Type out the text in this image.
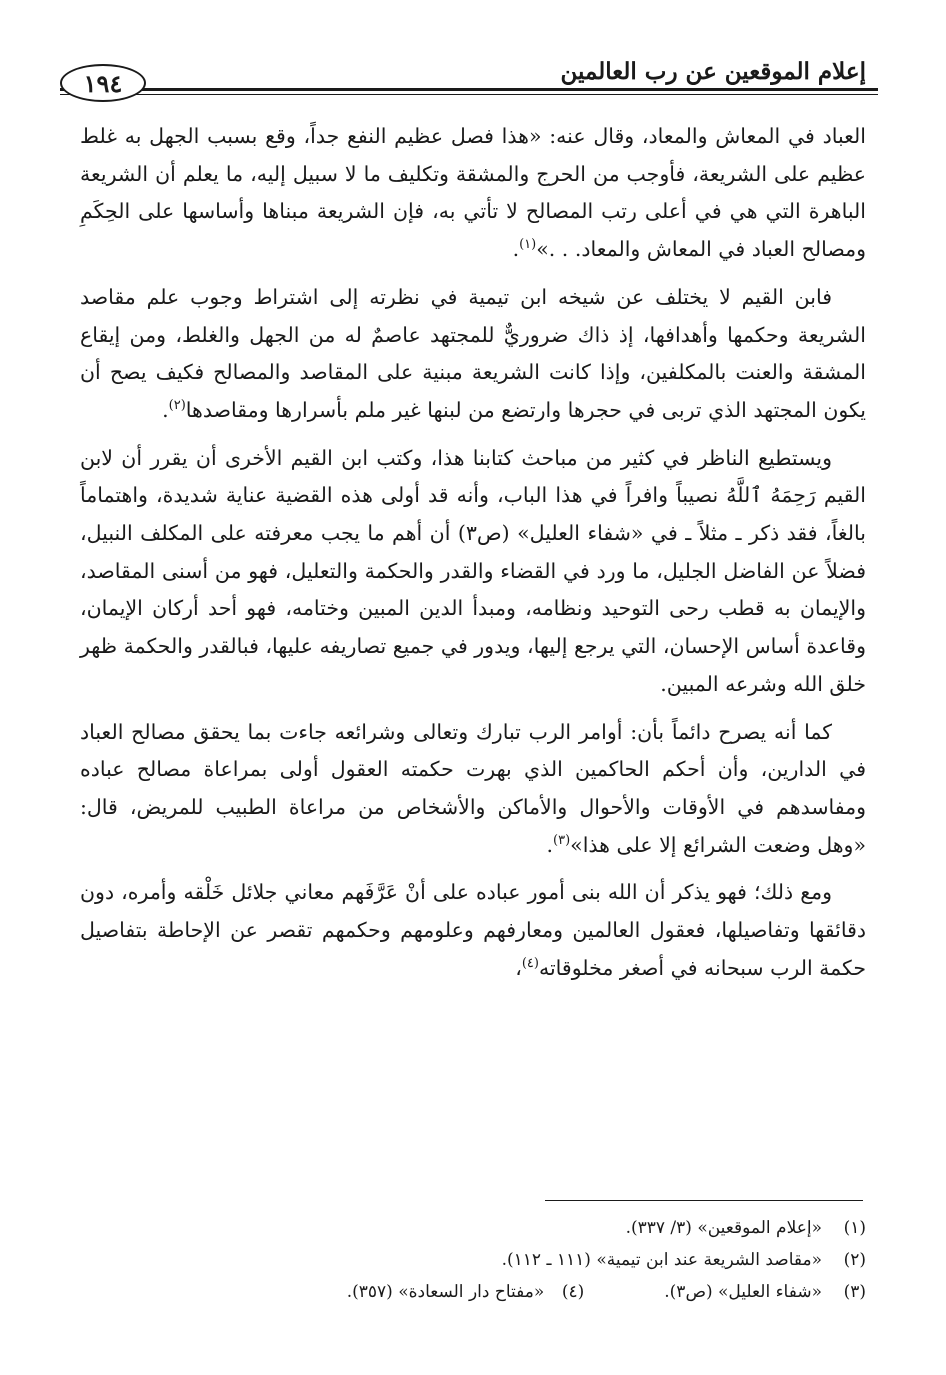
إعلام الموقعين عن رب العالمين
١٩٤

العباد في المعاش والمعاد، وقال عنه: «هذا فصل عظيم النفع جداً، وقع بسبب الجهل به غلط عظيم على الشريعة، فأوجب من الحرج والمشقة وتكليف ما لا سبيل إليه، ما يعلم أن الشريعة الباهرة التي هي في أعلى رتب المصالح لا تأتي به، فإن الشريعة مبناها وأساسها على الحِكَمِ ومصالح العباد في المعاش والمعاد. . .»$^{(١)}$.

فابن القيم لا يختلف عن شيخه ابن تيمية في نظرته إلى اشتراط وجوب علم مقاصد الشريعة وحكمها وأهدافها، إذ ذاك ضروريٌّ للمجتهد عاصمٌ له من الجهل والغلط، ومن إيقاع المشقة والعنت بالمكلفين، وإذا كانت الشريعة مبنية على المقاصد والمصالح فكيف يصح أن يكون المجتهد الذي تربى في حجرها وارتضع من لبنها غير ملم بأسرارها ومقاصدها$^{(٢)}$.

ويستطيع الناظر في كثير من مباحث كتابنا هذا، وكتب ابن القيم الأخرى أن يقرر أن لابن القيم رَحِمَهُ ٱللَّهُ نصيباً وافراً في هذا الباب، وأنه قد أولى هذه القضية عناية شديدة، واهتماماً بالغاً، فقد ذكر ـ مثلاً ـ في «شفاء العليل» (ص٣) أن أهم ما يجب معرفته على المكلف النبيل، فضلاً عن الفاضل الجليل، ما ورد في القضاء والقدر والحكمة والتعليل، فهو من أسنى المقاصد، والإيمان به قطب رحى التوحيد ونظامه، ومبدأ الدين المبين وختامه، فهو أحد أركان الإيمان، وقاعدة أساس الإحسان، التي يرجع إليها، ويدور في جميع تصاريفه عليها، فبالقدر والحكمة ظهر خلق الله وشرعه المبين.

كما أنه يصرح دائماً بأن: أوامر الرب تبارك وتعالى وشرائعه جاءت بما يحقق مصالح العباد في الدارين، وأن أحكم الحاكمين الذي بهرت حكمته العقول أولى بمراعاة مصالح عباده ومفاسدهم في الأوقات والأحوال والأماكن والأشخاص من مراعاة الطبيب للمريض، قال: «وهل وضعت الشرائع إلا على هذا»$^{(٣)}$.

ومع ذلك؛ فهو يذكر أن الله بنى أمور عباده على أنْ عَرَّفَهم معاني جلائل خَلْقه وأمره، دون دقائقها وتفاصيلها، فعقول العالمين ومعارفهم وعلومهم وحكمهم تقصر عن الإحاطة بتفاصيل حكمة الرب سبحانه في أصغر مخلوقاته$^{(٤)}$،

(١)
«إعلام الموقعين» (٣/ ٣٣٧).
(٢)
«مقاصد الشريعة عند ابن تيمية» (١١١ ـ ١١٢).
(٣)
«شفاء العليل» (ص٣).
(٤)
«مفتاح دار السعادة» (٣٥٧).
